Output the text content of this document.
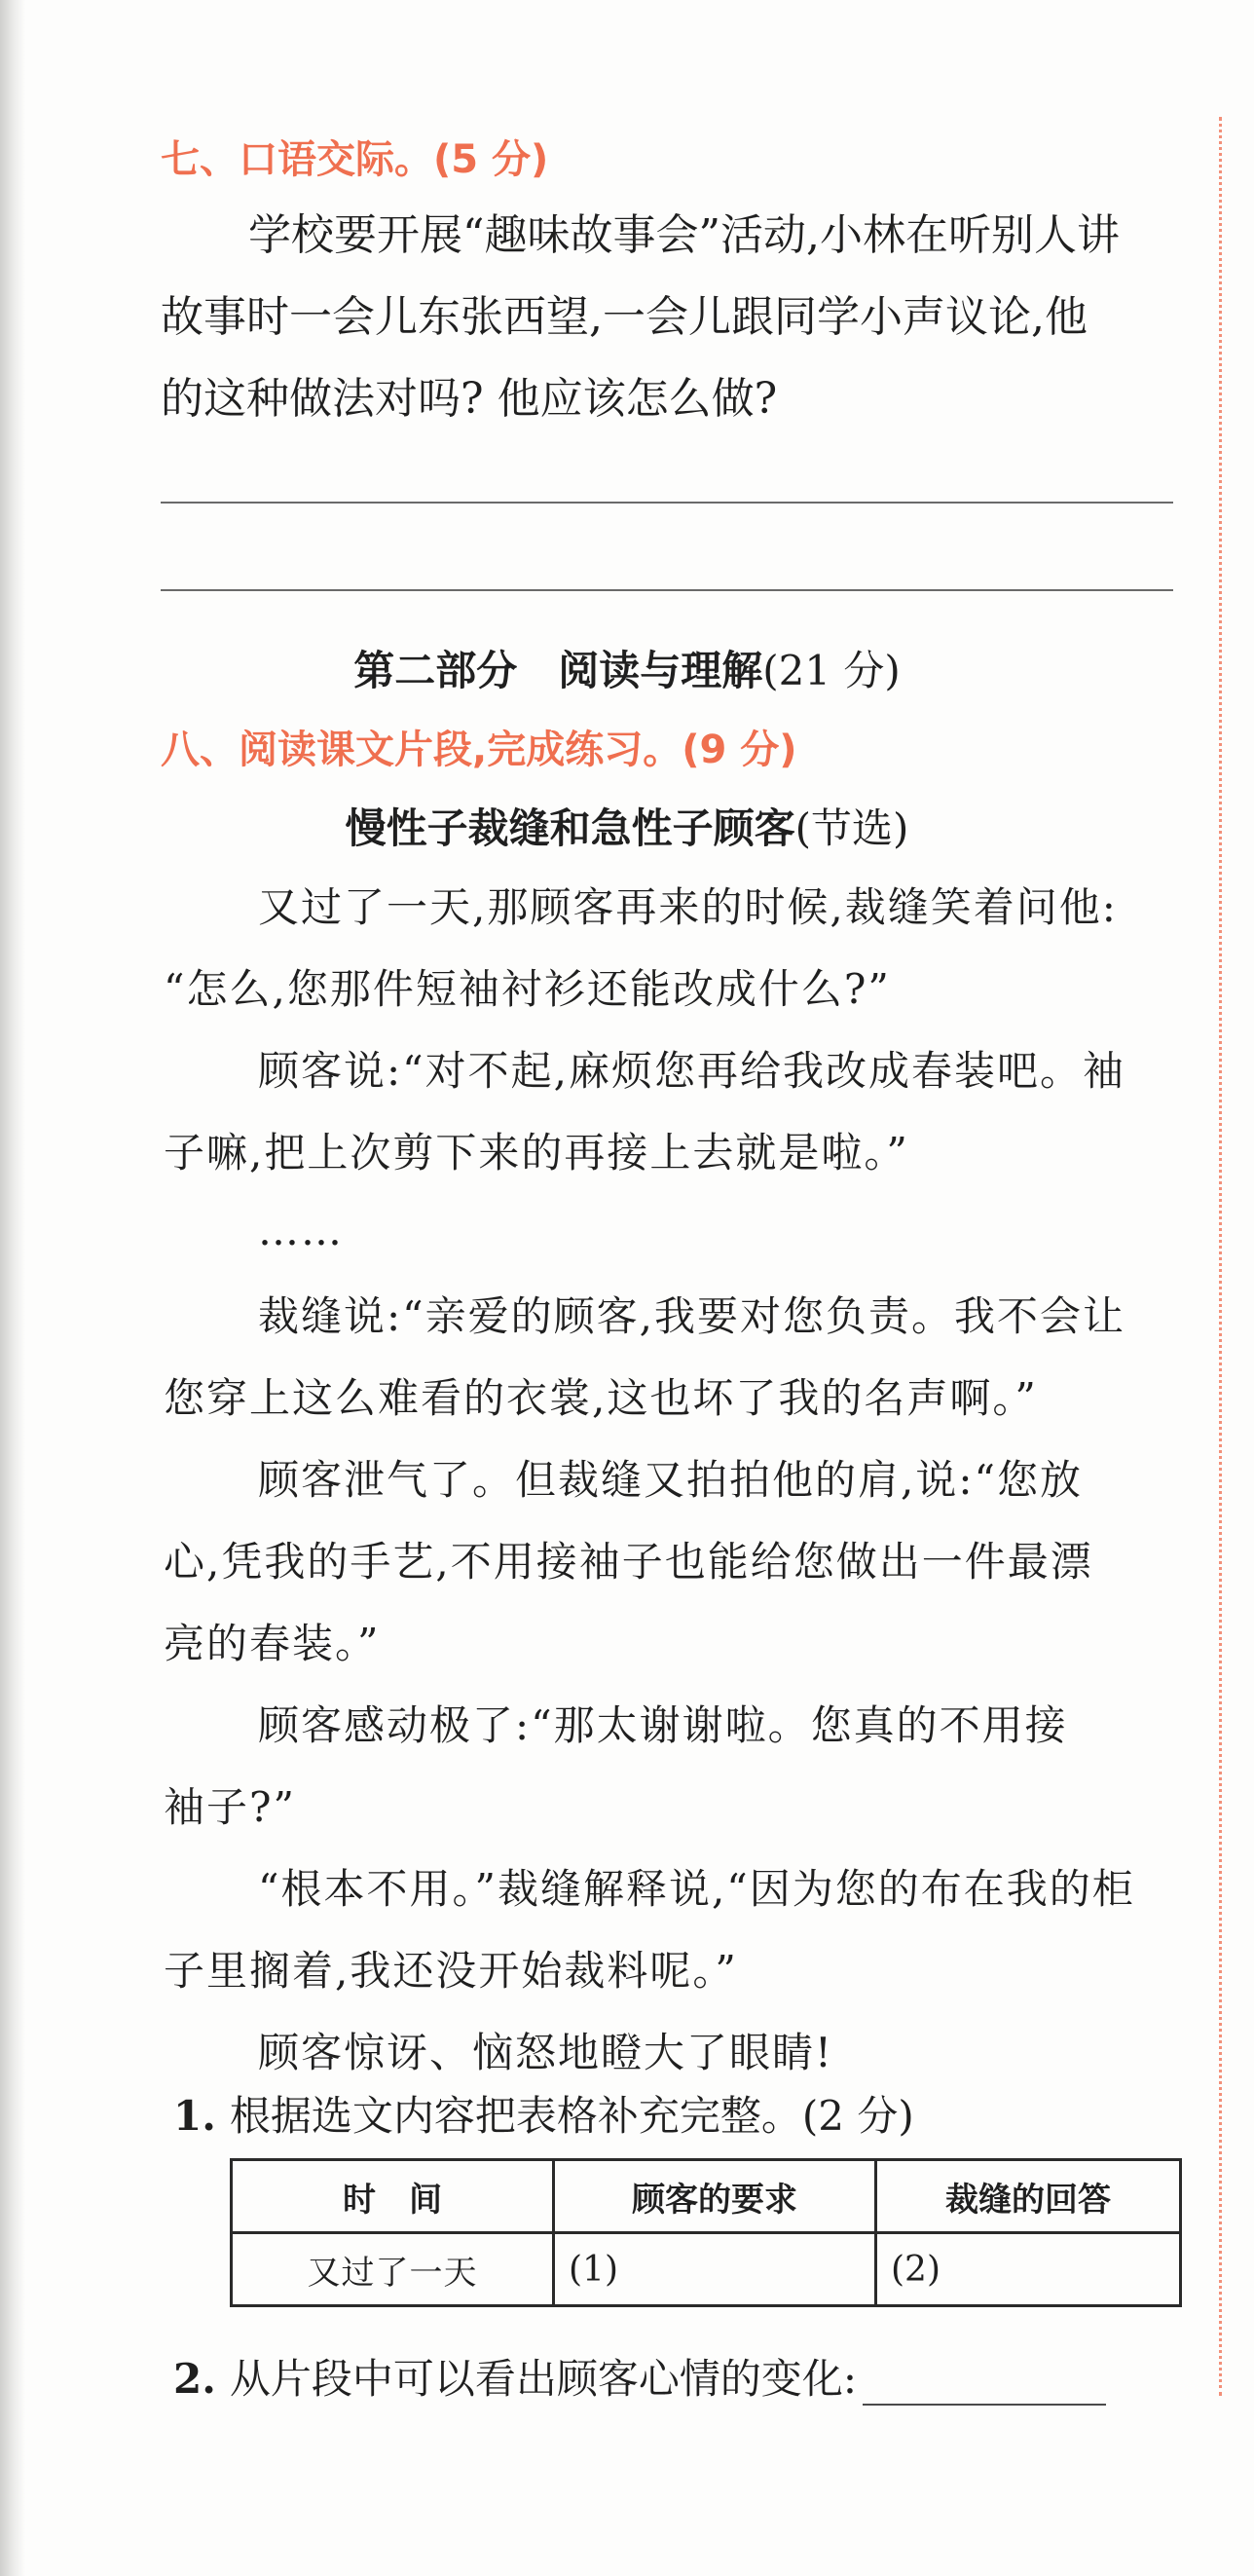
七、口语交际。(5 分)
学校要开展“趣味故事会”活动,小林在听别人讲
故事时一会儿东张西望,一会儿跟同学小声议论,他
的这种做法对吗? 他应该怎么做?
第二部分　阅读与理解(21 分)
八、阅读课文片段,完成练习。(9 分)
慢性子裁缝和急性子顾客(节选)
又过了一天,那顾客再来的时候,裁缝笑着问他:
“怎么,您那件短袖衬衫还能改成什么?”
顾客说:“对不起,麻烦您再给我改成春装吧。袖
子嘛,把上次剪下来的再接上去就是啦。”
……
裁缝说:“亲爱的顾客,我要对您负责。我不会让
您穿上这么难看的衣裳,这也坏了我的名声啊。”
顾客泄气了。但裁缝又拍拍他的肩,说:“您放
心,凭我的手艺,不用接袖子也能给您做出一件最漂
亮的春装。”
顾客感动极了:“那太谢谢啦。您真的不用接
袖子?”
“根本不用。”裁缝解释说,“因为您的布在我的柜
子里搁着,我还没开始裁料呢。”
顾客惊讶、恼怒地瞪大了眼睛!
1. 根据选文内容把表格补充完整。(2 分)
时　间	顾客的要求	裁缝的回答
又过了一天	(1)	(2)
2. 从片段中可以看出顾客心情的变化:
